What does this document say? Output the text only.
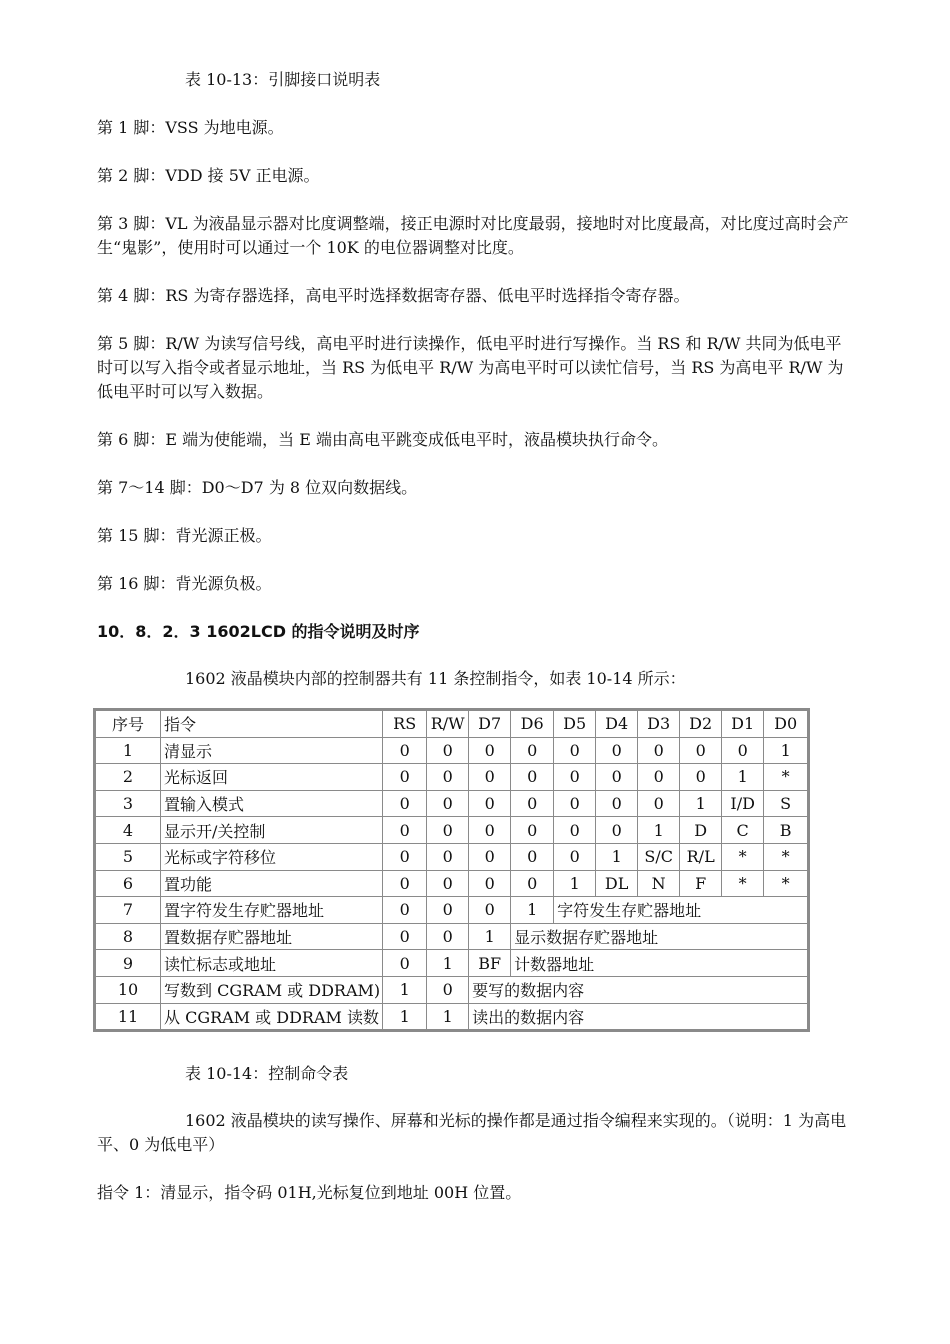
表 10-13：引脚接口说明表

第 1 脚：VSS 为地电源。

第 2 脚：VDD 接 5V 正电源。

第 3 脚：VL 为液晶显示器对比度调整端，接正电源时对比度最弱，接地时对比度最高，对比度过高时会产生“鬼影”，使用时可以通过一个 10K 的电位器调整对比度。

第 4 脚：RS 为寄存器选择，高电平时选择数据寄存器、低电平时选择指令寄存器。

第 5 脚：R/W 为读写信号线，高电平时进行读操作，低电平时进行写操作。当 RS 和 R/W 共同为低电平时可以写入指令或者显示地址，当 RS 为低电平 R/W 为高电平时可以读忙信号，当 RS 为高电平 R/W 为低电平时可以写入数据。

第 6 脚：E 端为使能端，当 E 端由高电平跳变成低电平时，液晶模块执行命令。

第 7～14 脚：D0～D7 为 8 位双向数据线。

第 15 脚：背光源正极。

第 16 脚：背光源负极。

10．8．2．3 1602LCD 的指令说明及时序

1602 液晶模块内部的控制器共有 11 条控制指令，如表 10-14 所示：

序号	指令	RS	R/W	D7	D6	D5	D4	D3	D2	D1	D0
1	清显示	0	0	0	0	0	0	0	0	0	1
2	光标返回	0	0	0	0	0	0	0	0	1	*
3	置输入模式	0	0	0	0	0	0	0	1	I/D	S
4	显示开/关控制	0	0	0	0	0	0	1	D	C	B
5	光标或字符移位	0	0	0	0	0	1	S/C	R/L	*	*
6	置功能	0	0	0	0	1	DL	N	F	*	*
7	置字符发生存贮器地址	0	0	0	1	字符发生存贮器地址					
8	置数据存贮器地址	0	0	1	显示数据存贮器地址						
9	读忙标志或地址	0	1	BF	计数器地址						
10	写数到 CGRAM 或 DDRAM)	1	0	要写的数据内容							
11	从 CGRAM 或 DDRAM 读数	1	1	读出的数据内容							

表 10-14：控制命令表

1602 液晶模块的读写操作、屏幕和光标的操作都是通过指令编程来实现的。（说明：1 为高电平、0 为低电平）

指令 1：清显示，指令码 01H,光标复位到地址 00H 位置。
